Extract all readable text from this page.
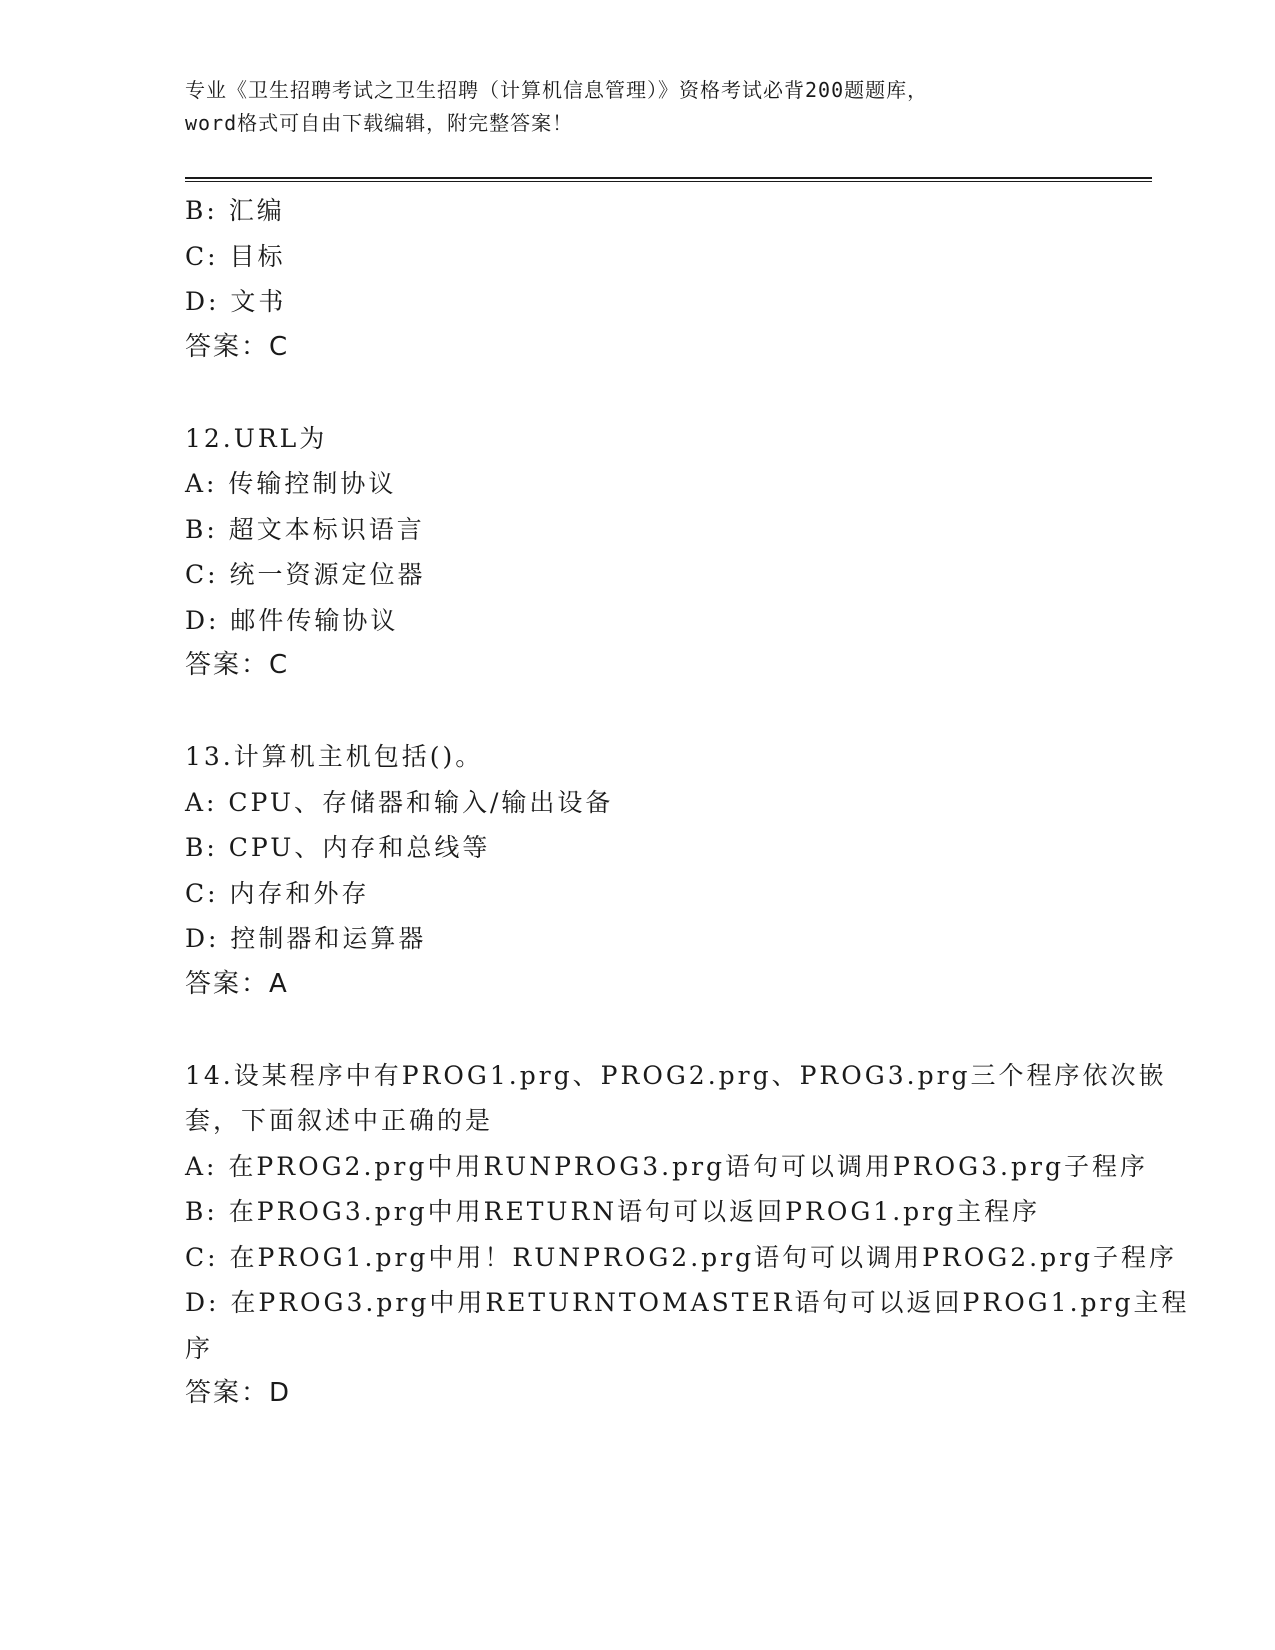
专业《卫生招聘考试之卫生招聘（计算机信息管理）》资格考试必背200题题库，
word格式可自由下载编辑，附完整答案！
B: 汇编
C: 目标
D: 文书
答案：C
12.URL为
A: 传输控制协议
B: 超文本标识语言
C: 统一资源定位器
D: 邮件传输协议
答案：C
13.计算机主机包括()。
A: CPU、存储器和输入/输出设备
B: CPU、内存和总线等
C: 内存和外存
D: 控制器和运算器
答案：A
14.设某程序中有PROG1.prg、PROG2.prg、PROG3.prg三个程序依次嵌
套，下面叙述中正确的是
A: 在PROG2.prg中用RUNPROG3.prg语句可以调用PROG3.prg子程序
B: 在PROG3.prg中用RETURN语句可以返回PROG1.prg主程序
C: 在PROG1.prg中用！RUNPROG2.prg语句可以调用PROG2.prg子程序
D: 在PROG3.prg中用RETURNTOMASTER语句可以返回PROG1.prg主程
序
答案：D
